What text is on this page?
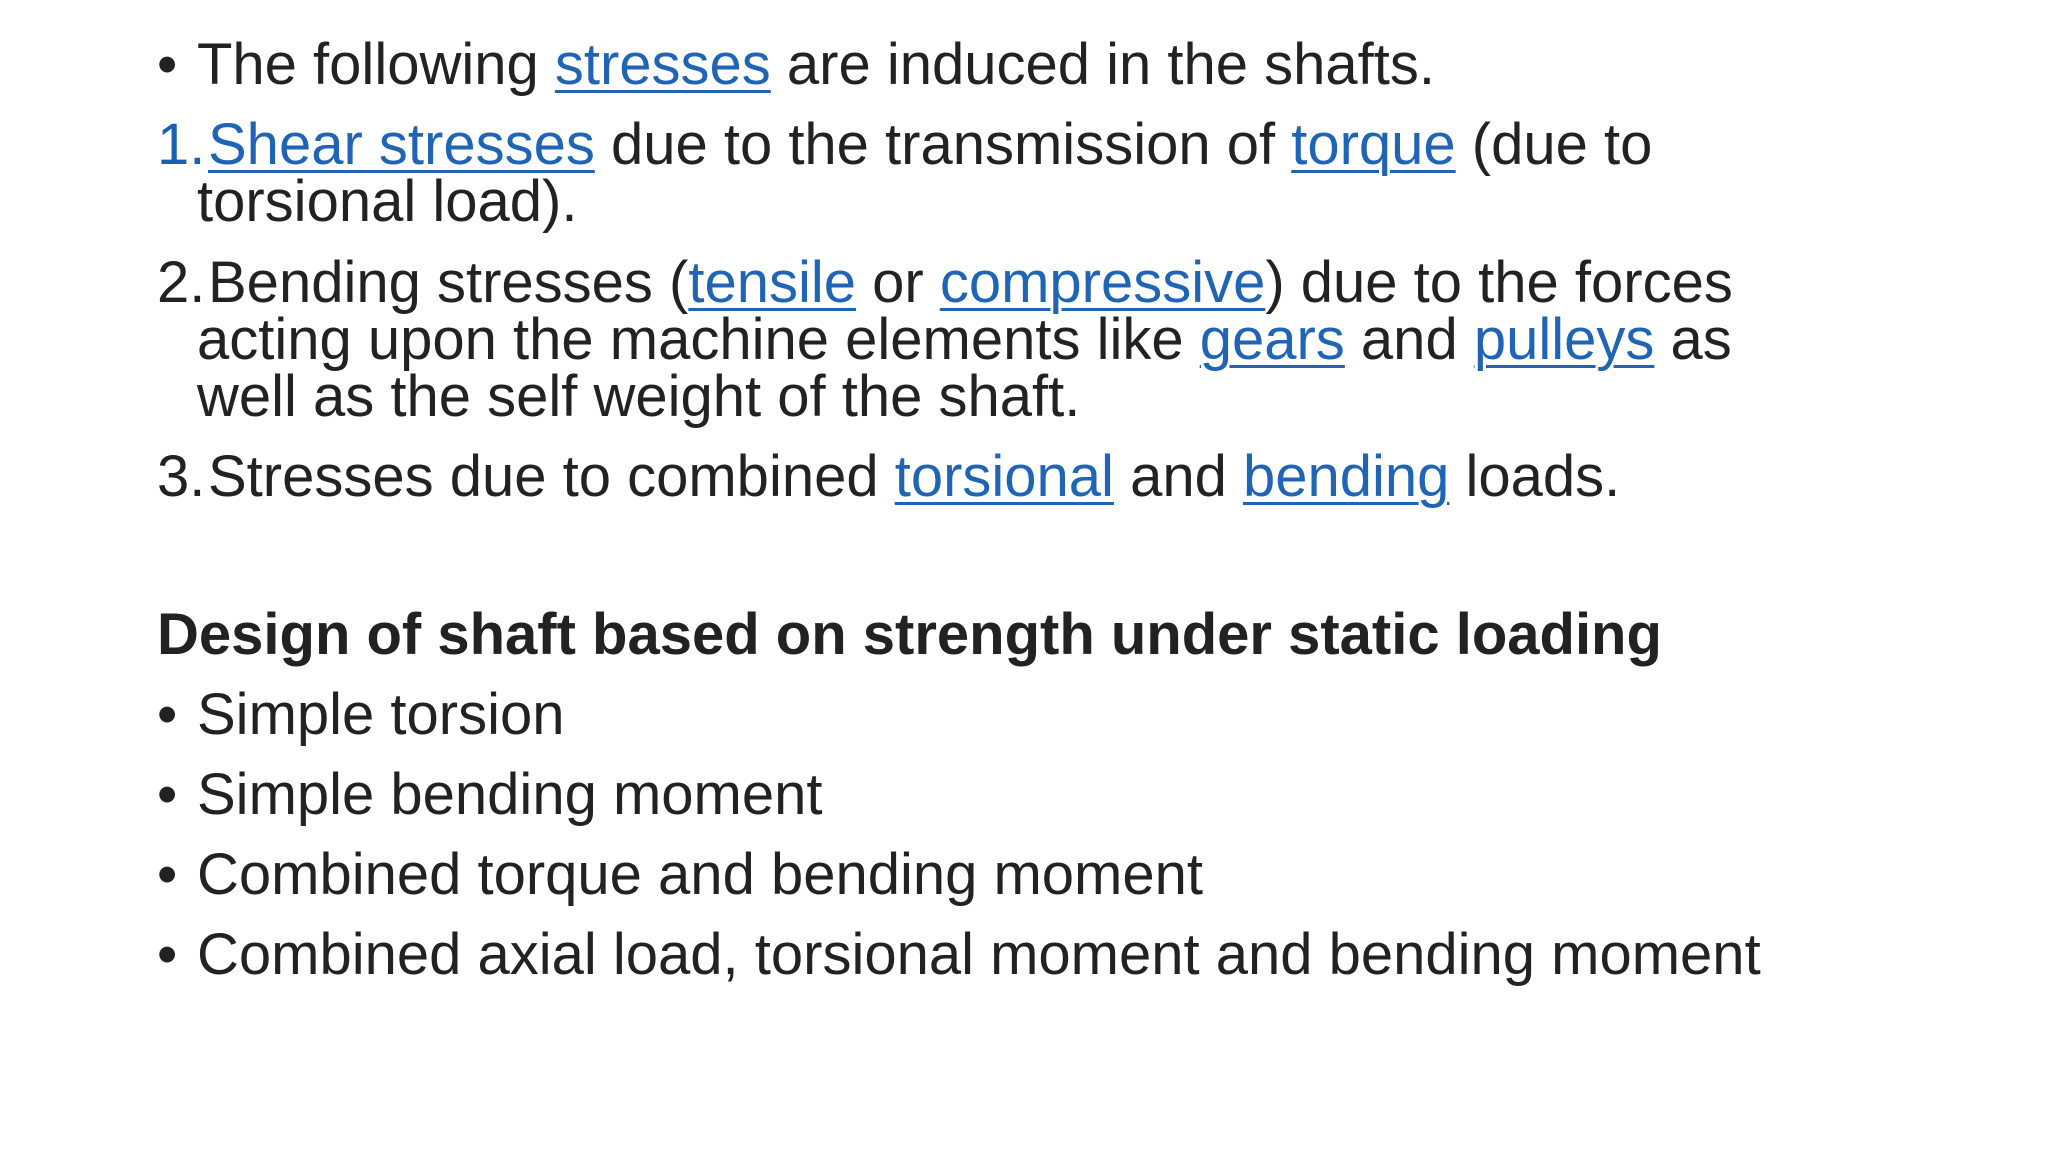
• The following stresses are induced in the shafts.
1. Shear stresses due to the transmission of torque (due to
torsional load).
2. Bending stresses (tensile or compressive) due to the forces
acting upon the machine elements like gears and pulleys as
well as the self weight of the shaft.
3. Stresses due to combined torsional and bending loads.
Design of shaft based on strength under static loading
• Simple torsion
• Simple bending moment
• Combined torque and bending moment
• Combined axial load, torsional moment and bending moment
